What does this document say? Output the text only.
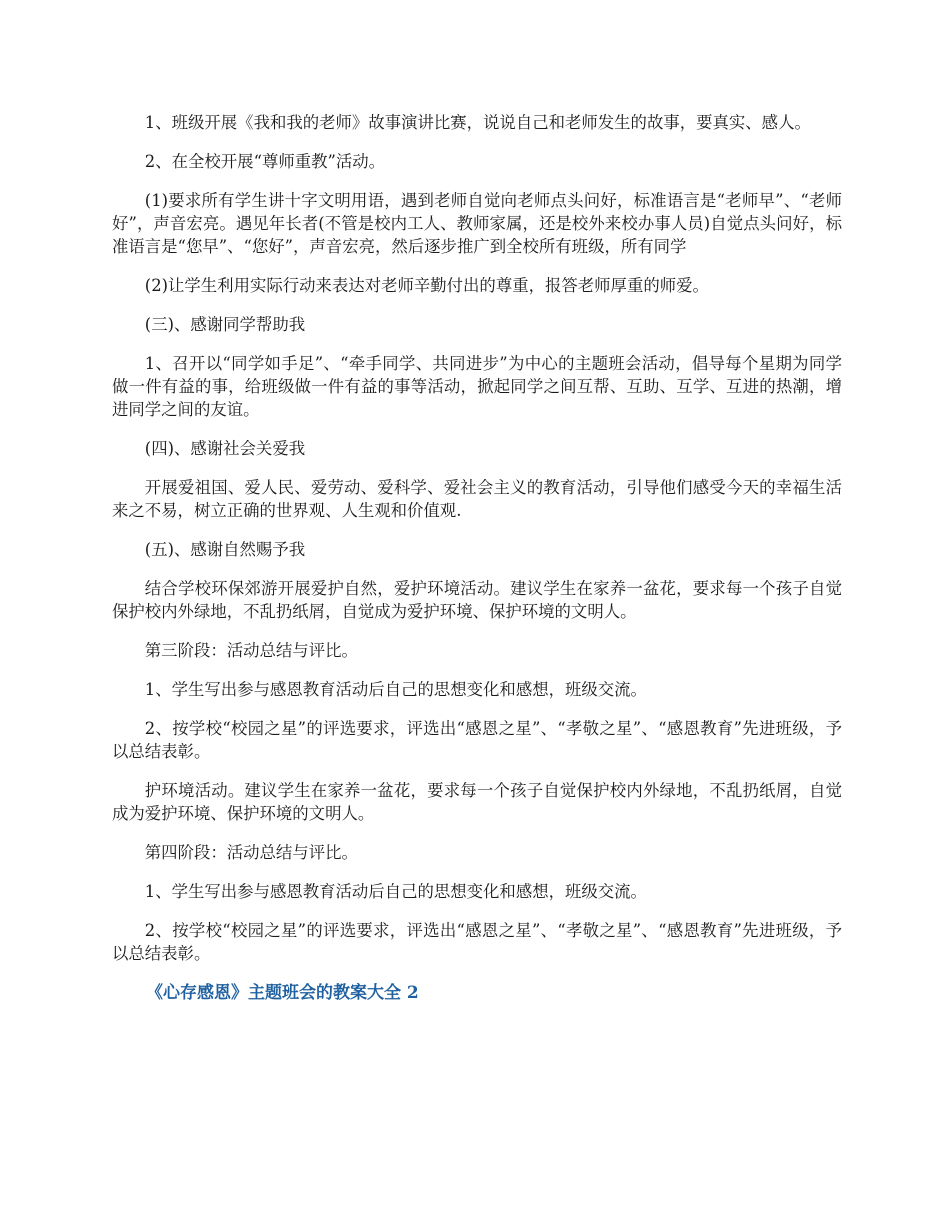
1、班级开展《我和我的老师》故事演讲比赛，说说自己和老师发生的故事，要真实、感人。

2、在全校开展“尊师重教”活动。

(1)要求所有学生讲十字文明用语，遇到老师自觉向老师点头问好，标准语言是“老师早”、“老师好”，声音宏亮。遇见年长者(不管是校内工人、教师家属，还是校外来校办事人员)自觉点头问好，标准语言是“您早”、“您好”，声音宏亮，然后逐步推广到全校所有班级，所有同学

(2)让学生利用实际行动来表达对老师辛勤付出的尊重，报答老师厚重的师爱。

(三)、感谢同学帮助我

1、召开以“同学如手足”、“牵手同学、共同进步”为中心的主题班会活动，倡导每个星期为同学做一件有益的事，给班级做一件有益的事等活动，掀起同学之间互帮、互助、互学、互进的热潮，增进同学之间的友谊。

(四)、感谢社会关爱我

开展爱祖国、爱人民、爱劳动、爱科学、爱社会主义的教育活动，引导他们感受今天的幸福生活来之不易，树立正确的世界观、人生观和价值观.

(五)、感谢自然赐予我

结合学校环保郊游开展爱护自然，爱护环境活动。建议学生在家养一盆花，要求每一个孩子自觉保护校内外绿地，不乱扔纸屑，自觉成为爱护环境、保护环境的文明人。

第三阶段：活动总结与评比。

1、学生写出参与感恩教育活动后自己的思想变化和感想，班级交流。

2、按学校“校园之星”的评选要求，评选出“感恩之星”、“孝敬之星”、“感恩教育”先进班级，予以总结表彰。

护环境活动。建议学生在家养一盆花，要求每一个孩子自觉保护校内外绿地，不乱扔纸屑，自觉成为爱护环境、保护环境的文明人。

第四阶段：活动总结与评比。

1、学生写出参与感恩教育活动后自己的思想变化和感想，班级交流。

2、按学校“校园之星”的评选要求，评选出“感恩之星”、“孝敬之星”、“感恩教育”先进班级，予以总结表彰。

《心存感恩》主题班会的教案大全 2
